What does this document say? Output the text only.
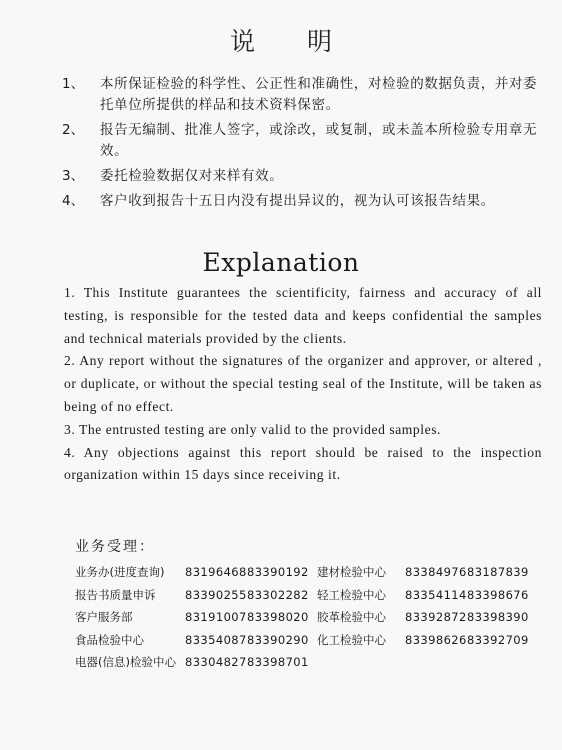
说明
1、	本所保证检验的科学性、公正性和准确性，对检验的数据负责，并对委托单位所提供的样品和技术资料保密。
2、	报告无编制、批准人签字，或涂改，或复制，或未盖本所检验专用章无效。
3、	委托检验数据仅对来样有效。
4、	客户收到报告十五日内没有提出异议的，视为认可该报告结果。
Explanation

1. This Institute guarantees the scientificity, fairness and accuracy of all testing, is responsible for the tested data and keeps confidential the samples and technical materials provided by the clients.

2. Any report without the signatures of the organizer and approver, or altered , or duplicate, or without the special testing seal of the Institute, will be taken as being of no effect.

3. The entrusted testing are only valid to the provided samples.

4. Any objections against this report should be raised to the inspection organization within 15 days since receiving it.

业务受理：
业务办(进度查询)	83196468 83390192 建材检验中心	83384976 83187839
报告书质量申诉	83390255 83302282 轻工检验中心	83354114 83398676
客户服务部	83191007 83398020 胶革检验中心	83392872 83398390
食品检验中心	83354087 83390290 化工检验中心	83398626 83392709
电器(信息)检验中心 83304827 83398701
